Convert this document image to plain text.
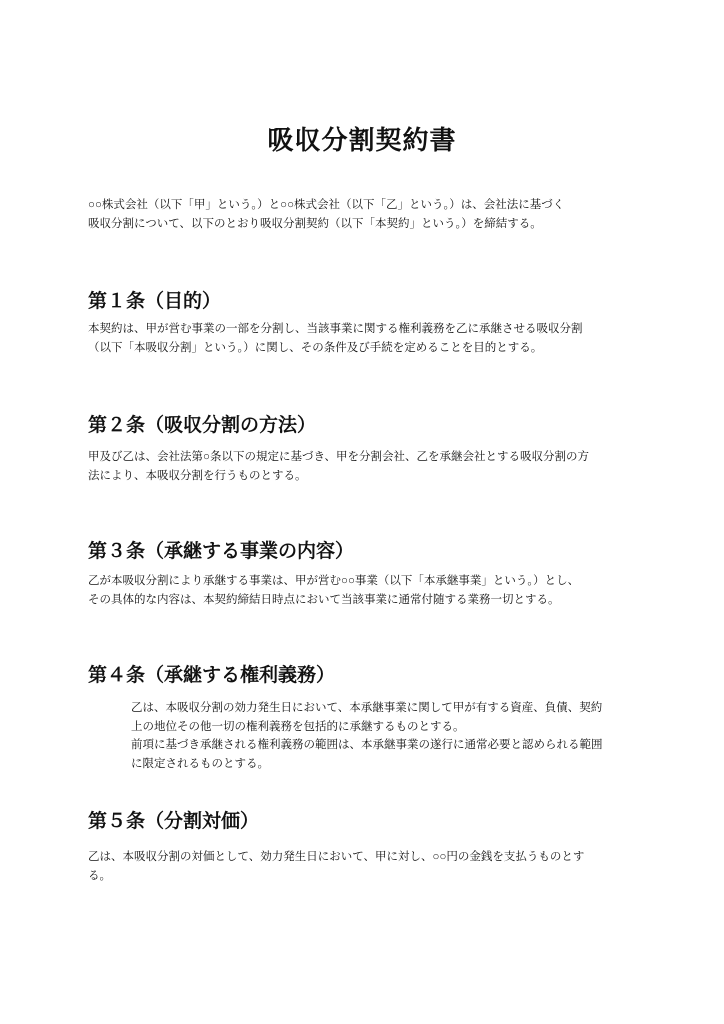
吸収分割契約書
○○株式会社（以下「甲」という。）と○○株式会社（以下「乙」という。）は、会社法に基づく
吸収分割について、以下のとおり吸収分割契約（以下「本契約」という。）を締結する。
第１条（目的）
本契約は、甲が営む事業の一部を分割し、当該事業に関する権利義務を乙に承継させる吸収分割
（以下「本吸収分割」という。）に関し、その条件及び手続を定めることを目的とする。
第２条（吸収分割の方法）
甲及び乙は、会社法第○条以下の規定に基づき、甲を分割会社、乙を承継会社とする吸収分割の方
法により、本吸収分割を行うものとする。
第３条（承継する事業の内容）
乙が本吸収分割により承継する事業は、甲が営む○○事業（以下「本承継事業」という。）とし、
その具体的な内容は、本契約締結日時点において当該事業に通常付随する業務一切とする。
第４条（承継する権利義務）
乙は、本吸収分割の効力発生日において、本承継事業に関して甲が有する資産、負債、契約
上の地位その他一切の権利義務を包括的に承継するものとする。
前項に基づき承継される権利義務の範囲は、本承継事業の遂行に通常必要と認められる範囲
に限定されるものとする。
第５条（分割対価）
乙は、本吸収分割の対価として、効力発生日において、甲に対し、○○円の金銭を支払うものとす
る。
